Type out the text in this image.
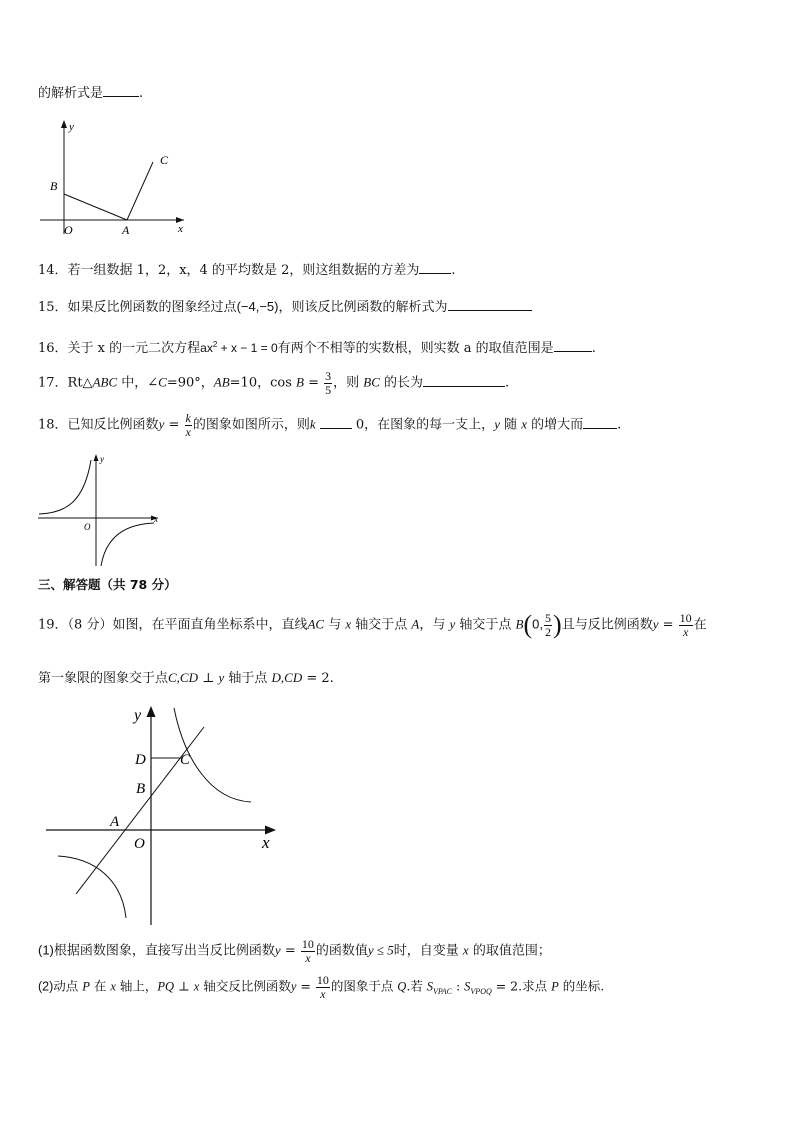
的解析式是	.
y
x
B
C
O	A
14．若一组数据 1，2，x，4 的平均数是 2，则这组数据的方差为 .
15．如果反比例函数的图象经过点(−4,−5)，则该反比例函数的解析式为
16．关于 x 的一元二次方程$ax^2 + x - 1 = 0$有两个不相等的实数根，则实数 a 的取值范围是	.
17．Rt△ABC 中，∠C=90°，AB=10，$\cos B = \frac{3}{5}$ ，则 BC 的长为	.
18．已知反比例函数$y = \frac{k}{x}$ 的图象如图所示，则k	0，在图象的每一支上，y 随 x 的增大而	.
y
x
O
三、解答题（共 78 分）
19．（8 分）如图，在平面直角坐标系中，直线AC 与 x 轴交于点 A，与 y 轴交于点 B(0, $\frac{5}{2}$ )且与反比例函数$y = \frac{10}{x}$ 在
第一象限的图象交于点C,CD ⊥ y 轴于点 D,CD = 2.
y
x
D C
B
A
O
(1)根据函数图象，直接写出当反比例函数$y = \frac{10}{x}$ 的函数值y ≤ 5时，自变量 x 的取值范围；
(2)动点 P 在 x 轴上，PQ ⊥ x 轴交反比例函数$y = \frac{10}{x}$ 的图象于点 Q.若 $S_{VPAC}$ : $S_{VPOQ} = 2$.求点 P 的坐标.
